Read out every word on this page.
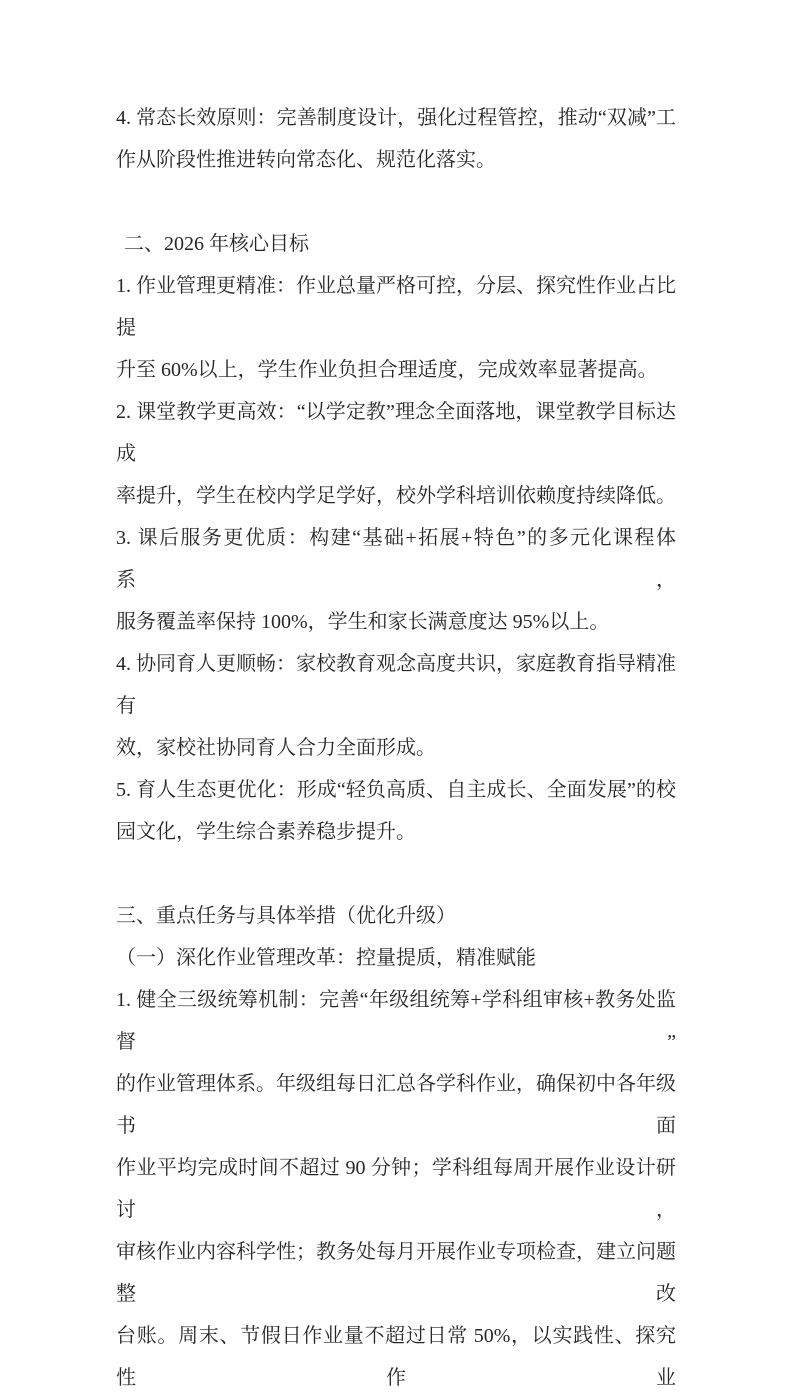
4. 常态长效原则：完善制度设计，强化过程管控，推动“双减”工
作从阶段性推进转向常态化、规范化落实。
二、2026 年核心目标
1. 作业管理更精准：作业总量严格可控，分层、探究性作业占比提
升至 60%以上，学生作业负担合理适度，完成效率显著提高。
2. 课堂教学更高效：“以学定教”理念全面落地，课堂教学目标达成
率提升，学生在校内学足学好，校外学科培训依赖度持续降低。
3. 课后服务更优质：构建“基础+拓展+特色”的多元化课程体系，
服务覆盖率保持 100%，学生和家长满意度达 95%以上。
4. 协同育人更顺畅：家校教育观念高度共识，家庭教育指导精准有
效，家校社协同育人合力全面形成。
5. 育人生态更优化：形成“轻负高质、自主成长、全面发展”的校
园文化，学生综合素养稳步提升。
三、重点任务与具体举措（优化升级）
（一）深化作业管理改革：控量提质，精准赋能
1. 健全三级统筹机制：完善“年级组统筹+学科组审核+教务处监督”
的作业管理体系。年级组每日汇总各学科作业，确保初中各年级书面
作业平均完成时间不超过 90 分钟；学科组每周开展作业设计研讨，
审核作业内容科学性；教务处每月开展作业专项检查，建立问题整改
台账。周末、节假日作业量不超过日常 50%，以实践性、探究性作业
